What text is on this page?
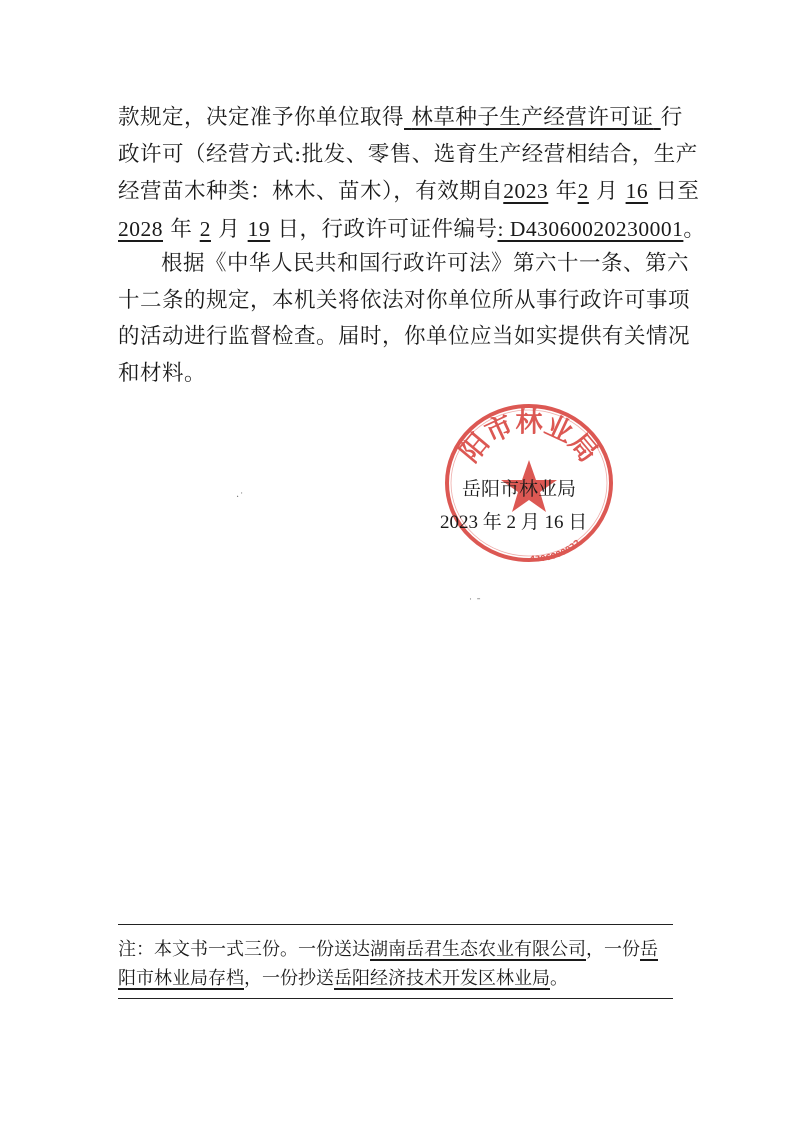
款规定，决定准予你单位取得 林草种子生产经营许可证 行
政许可（经营方式:批发、零售、选育生产经营相结合，生产
经营苗木种类：林木、苗木），有效期自2023 年2 月 16 日至
2028 年 2 月 19 日，行政许可证件编号: D43060020230001。
根据《中华人民共和国行政许可法》第六十一条、第六
十二条的规定，本机关将依法对你单位所从事行政许可事项
的活动进行监督检查。届时，你单位应当如实提供有关情况
和材料。
阳市林业局
4306000022
岳阳市林业局
2023 年 2 月 16 日
·˙
˙ ˉ
注：本文书一式三份。一份送达湖南岳君生态农业有限公司，一份岳
阳市林业局存档，一份抄送岳阳经济技术开发区林业局。
